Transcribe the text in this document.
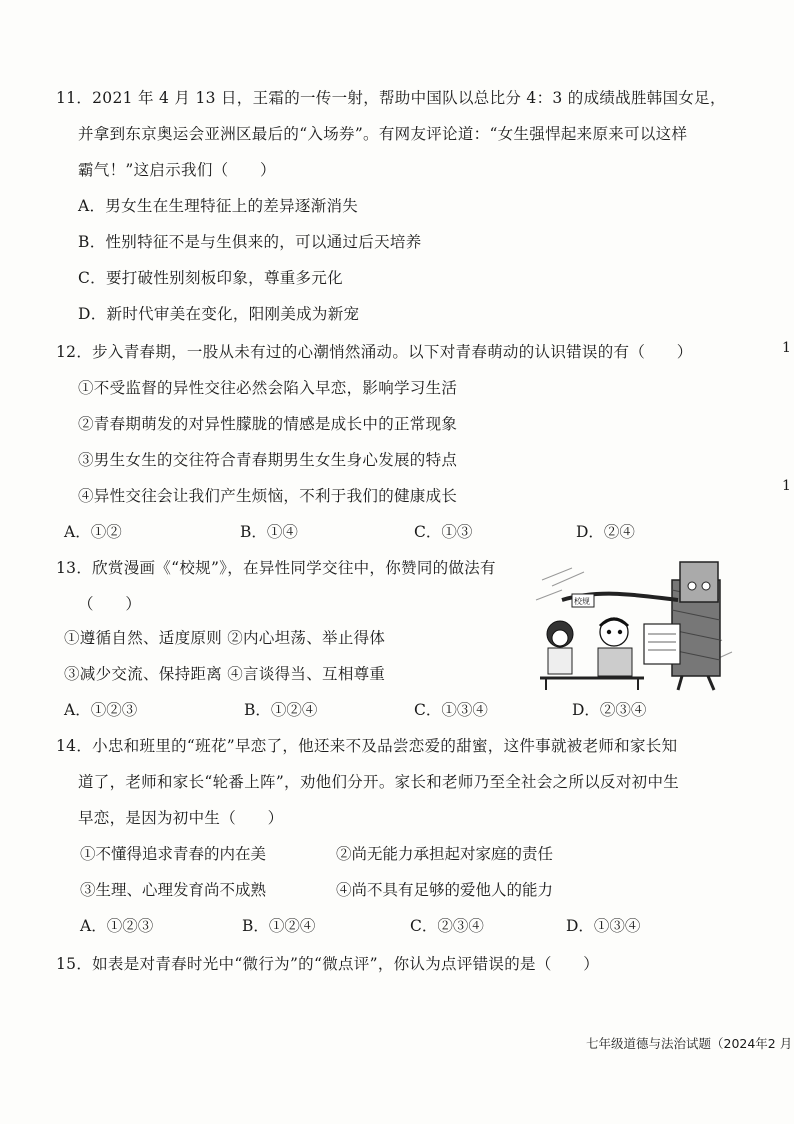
11．2021 年 4 月 13 日，王霜的一传一射，帮助中国队以总比分 4：3 的成绩战胜韩国女足，
并拿到东京奥运会亚洲区最后的“入场券”。有网友评论道：“女生强悍起来原来可以这样
霸气！”这启示我们（　　）
A．男女生在生理特征上的差异逐渐消失
B．性别特征不是与生俱来的，可以通过后天培养
C．要打破性别刻板印象，尊重多元化
D．新时代审美在变化，阳刚美成为新宠
12．步入青春期，一股从未有过的心潮悄然涌动。以下对青春萌动的认识错误的有（　　）
①不受监督的异性交往必然会陷入早恋，影响学习生活
②青春期萌发的对异性朦胧的情感是成长中的正常现象
③男生女生的交往符合青春期男生女生身心发展的特点
④异性交往会让我们产生烦恼，不利于我们的健康成长
A．①②	B．①④	C．①③	D．②④
13．欣赏漫画《“校规”》，在异性同学交往中，你赞同的做法有
（　　）
①遵循自然、适度原则 ②内心坦荡、举止得体
③减少交流、保持距离 ④言谈得当、互相尊重
A．①②③	B．①②④	C．①③④	D．②③④
校规
14．小忠和班里的“班花”早恋了，他还来不及品尝恋爱的甜蜜，这件事就被老师和家长知
道了，老师和家长“轮番上阵”，劝他们分开。家长和老师乃至全社会之所以反对初中生
早恋，是因为初中生（　　）
①不懂得追求青春的内在美	②尚无能力承担起对家庭的责任
③生理、心理发育尚不成熟	④尚不具有足够的爱他人的能力
A．①②③	B．①②④	C．②③④	D．①③④
15．如表是对青春时光中“微行为”的“微点评”，你认为点评错误的是（　　）
七年级道德与法治试题（2024年2 月
1
1
